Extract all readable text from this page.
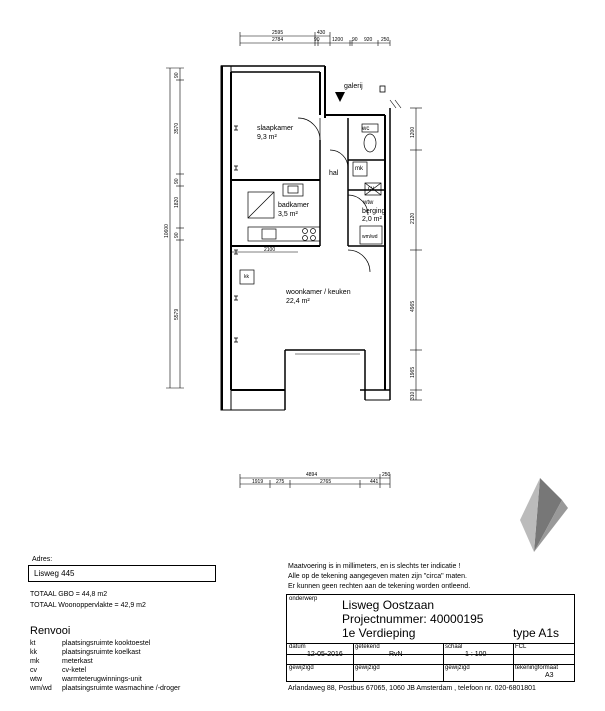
2595	430
2784	90 1200 90 920 250
10600
90
3570
90
1820
90
5579
1200
2120
4965
1965
310
4894	250
1919	275	2765	441
galerij
slaapkamer
9,3 m²
badkamer
3,5 m²
wtw
berging
2,0 m²
woonkamer / keuken
22,4 m²
wc
hal
mk
cv
wm/wd
kk
2100
Adres:
Lisweg 445
TOTAAL GBO = 44,8 m2
TOTAAL Woonoppervlakte = 42,9 m2
Renvooi
kt	plaatsingsruimte kooktoestel
kk	plaatsingsruimte koelkast
mk	meterkast
cv	cv-ketel
wtw	warmteterugwinnings-unit
wm/wd plaatsingsruimte wasmachine /-droger
Maatvoering is in millimeters, en is slechts ter indicatie !
Alle op de tekening aangegeven maten zijn "circa" maten.
Er kunnen geen rechten aan de tekening worden ontleend.
onderwerp Lisweg Oostzaan
Projectnummer: 40000195
1e Verdieping	type A1s
datum
12-05-2016
getekend
RvN
schaal
1 : 100
FCL
gewijzigd	gewijzigd	gewijzigd	tekeningformaat
A3
Arlandaweg 88, Postbus 67065, 1060 JB Amsterdam , telefoon nr. 020-6801801
